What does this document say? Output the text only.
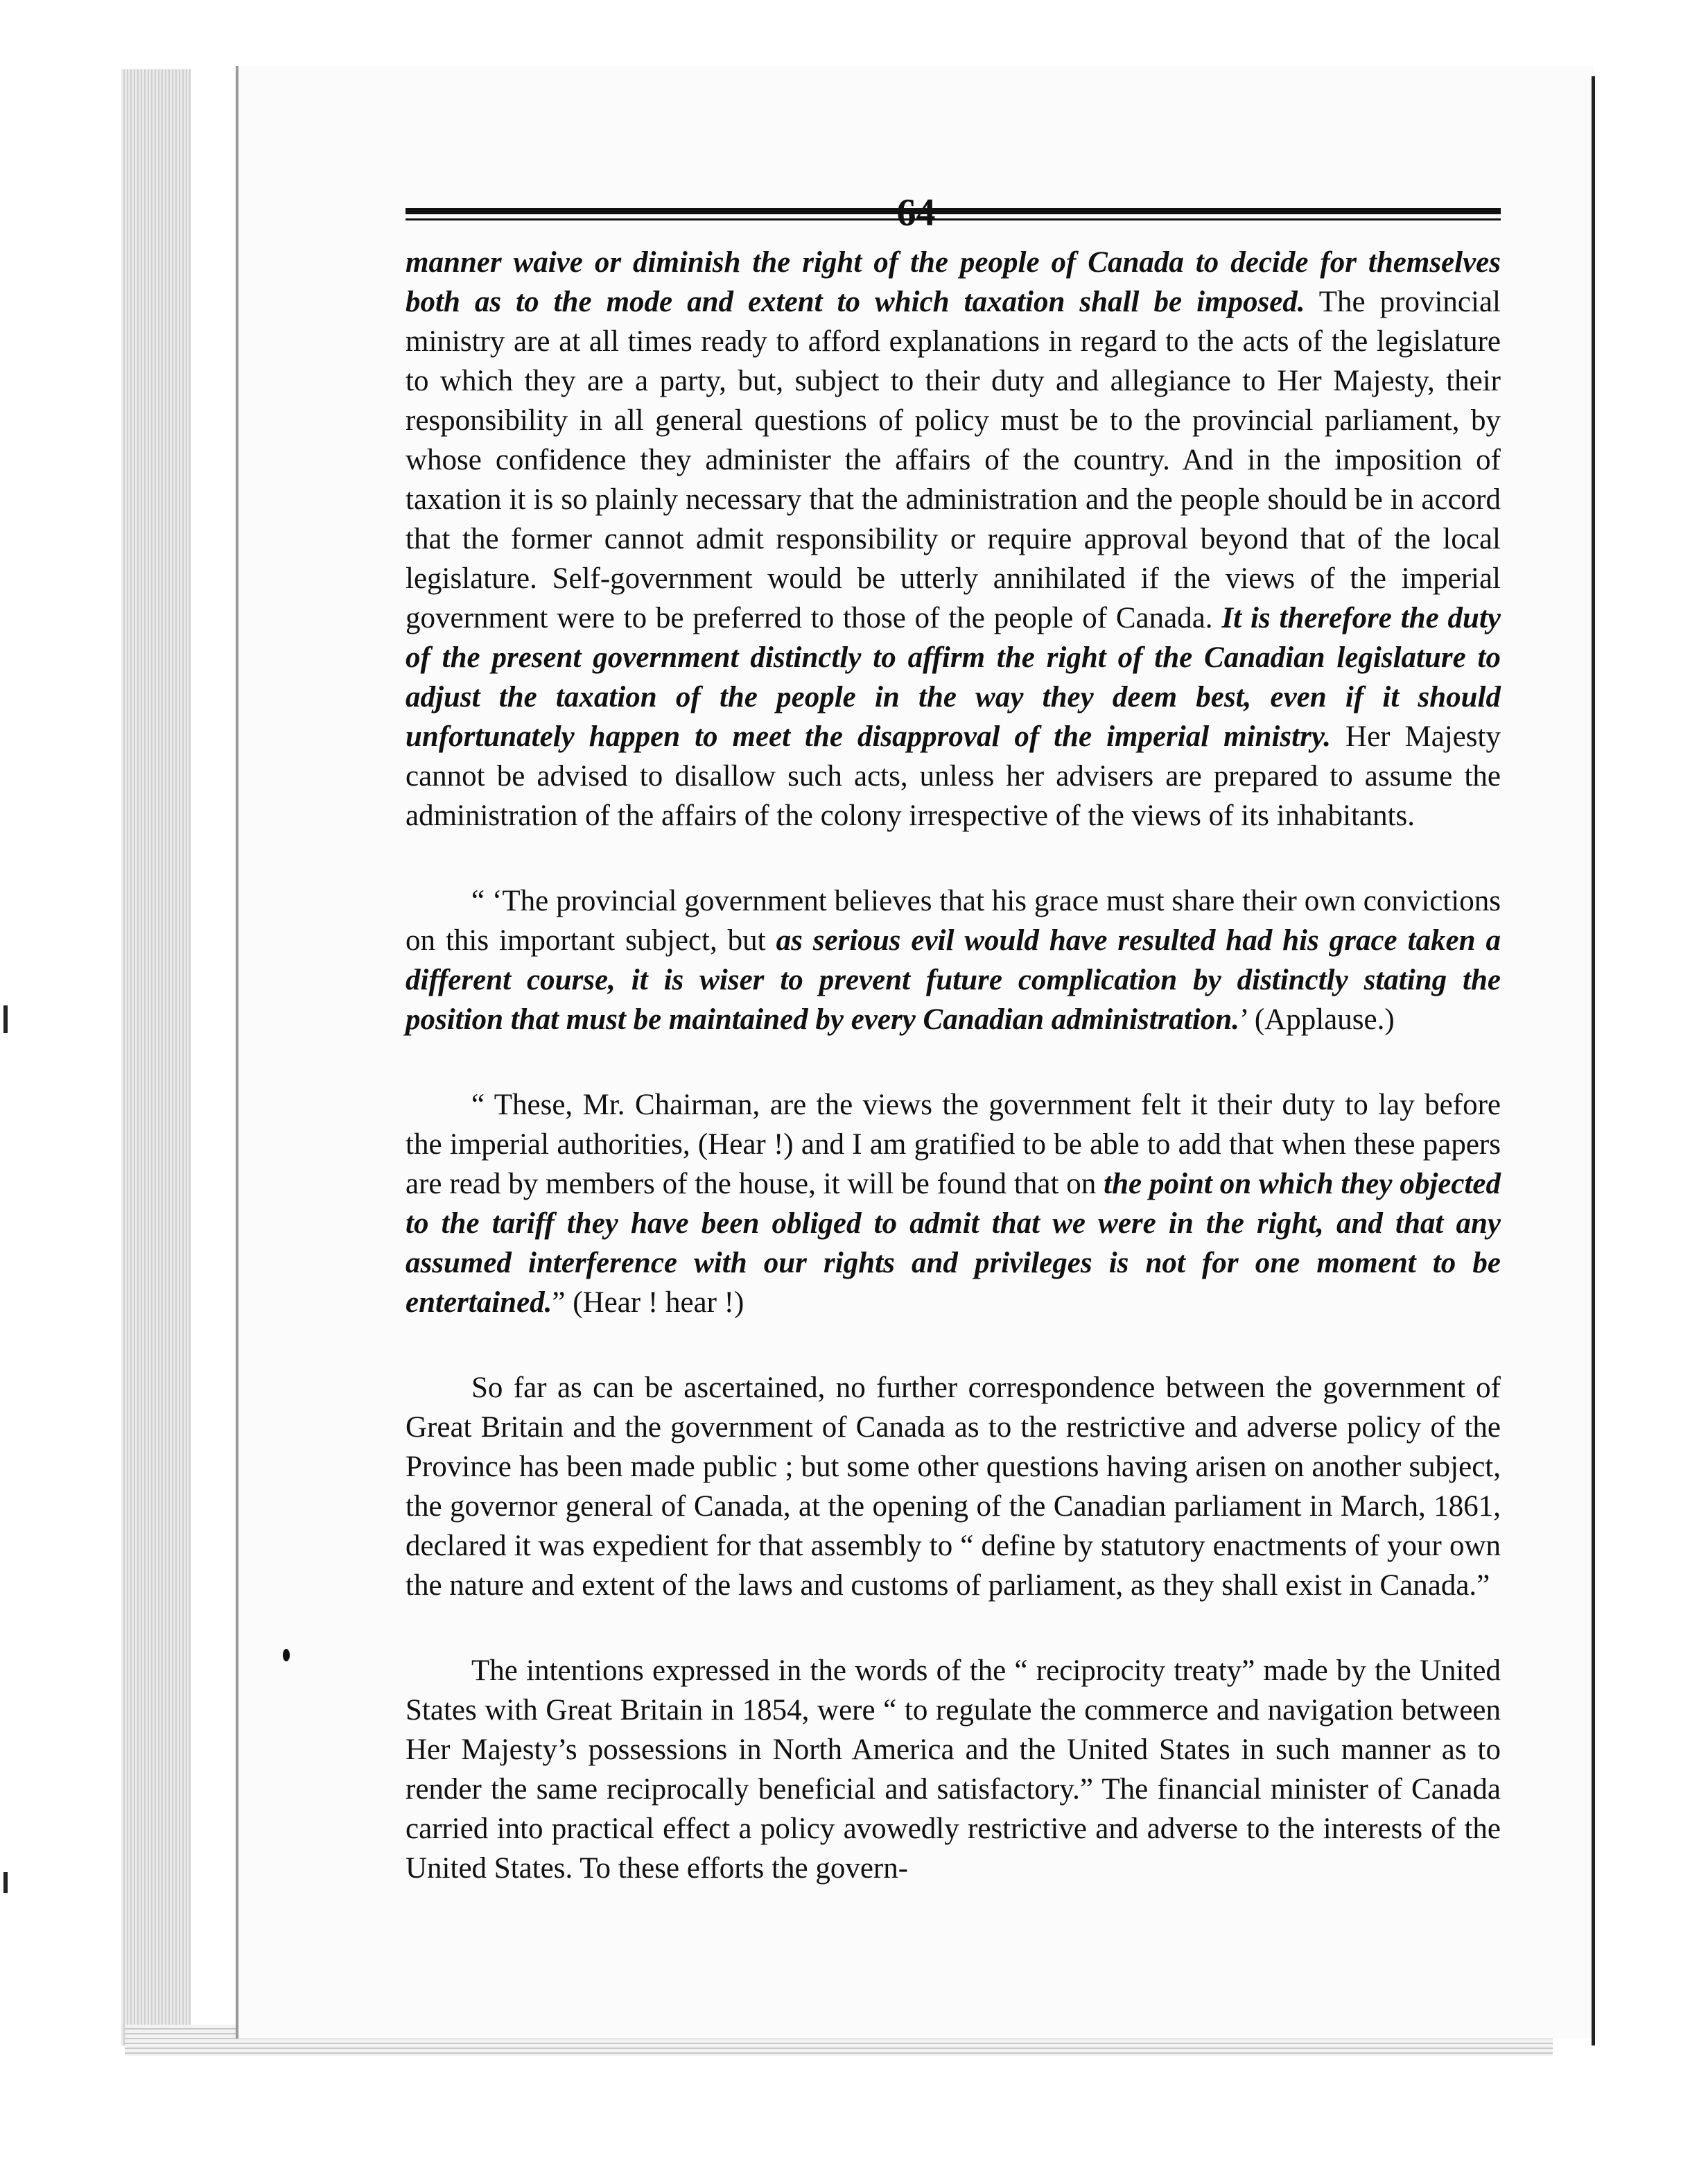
manner waive or diminish the right of the people of Canada to decide for themselves both as to the mode and extent to which taxation shall be imposed. The provincial ministry are at all times ready to afford explanations in regard to the acts of the legislature to which they are a party, but, subject to their duty and allegiance to Her Majesty, their responsibility in all general questions of policy must be to the provincial parliament, by whose confidence they administer the affairs of the country. And in the imposition of taxation it is so plainly necessary that the administration and the people should be in accord that the former cannot admit responsibility or require approval beyond that of the local legislature. Self-government would be utterly annihilated if the views of the imperial government were to be preferred to those of the people of Canada. It is therefore the duty of the present government distinctly to affirm the right of the Canadian legislature to adjust the taxation of the people in the way they deem best, even if it should unfortunately happen to meet the disapproval of the imperial ministry. Her Majesty cannot be advised to disallow such acts, unless her advisers are prepared to assume the administration of the affairs of the colony irrespective of the views of its inhabitants.

“ ‘The provincial government believes that his grace must share their own convictions on this important subject, but as serious evil would have resulted had his grace taken a different course, it is wiser to prevent future complication by distinctly stating the position that must be maintained by every Canadian administration.’ (Applause.)

“ These, Mr. Chairman, are the views the government felt it their duty to lay before the imperial authorities, (Hear !) and I am gratified to be able to add that when these papers are read by members of the house, it will be found that on the point on which they objected to the tariff they have been obliged to admit that we were in the right, and that any assumed interference with our rights and privileges is not for one moment to be entertained.” (Hear ! hear !)

So far as can be ascertained, no further correspondence between the government of Great Britain and the government of Canada as to the restrictive and adverse policy of the Province has been made public ; but some other questions having arisen on another subject, the governor general of Canada, at the opening of the Canadian parliament in March, 1861, declared it was expedient for that assembly to “ define by statutory enactments of your own the nature and extent of the laws and customs of parliament, as they shall exist in Canada.”

The intentions expressed in the words of the “ reciprocity treaty” made by the United States with Great Britain in 1854, were “ to regulate the commerce and navigation between Her Majesty’s possessions in North America and the United States in such manner as to render the same reciprocally beneficial and satisfactory.” The financial minister of Canada carried into practical effect a policy avowedly restrictive and adverse to the interests of the United States. To these efforts the govern-
